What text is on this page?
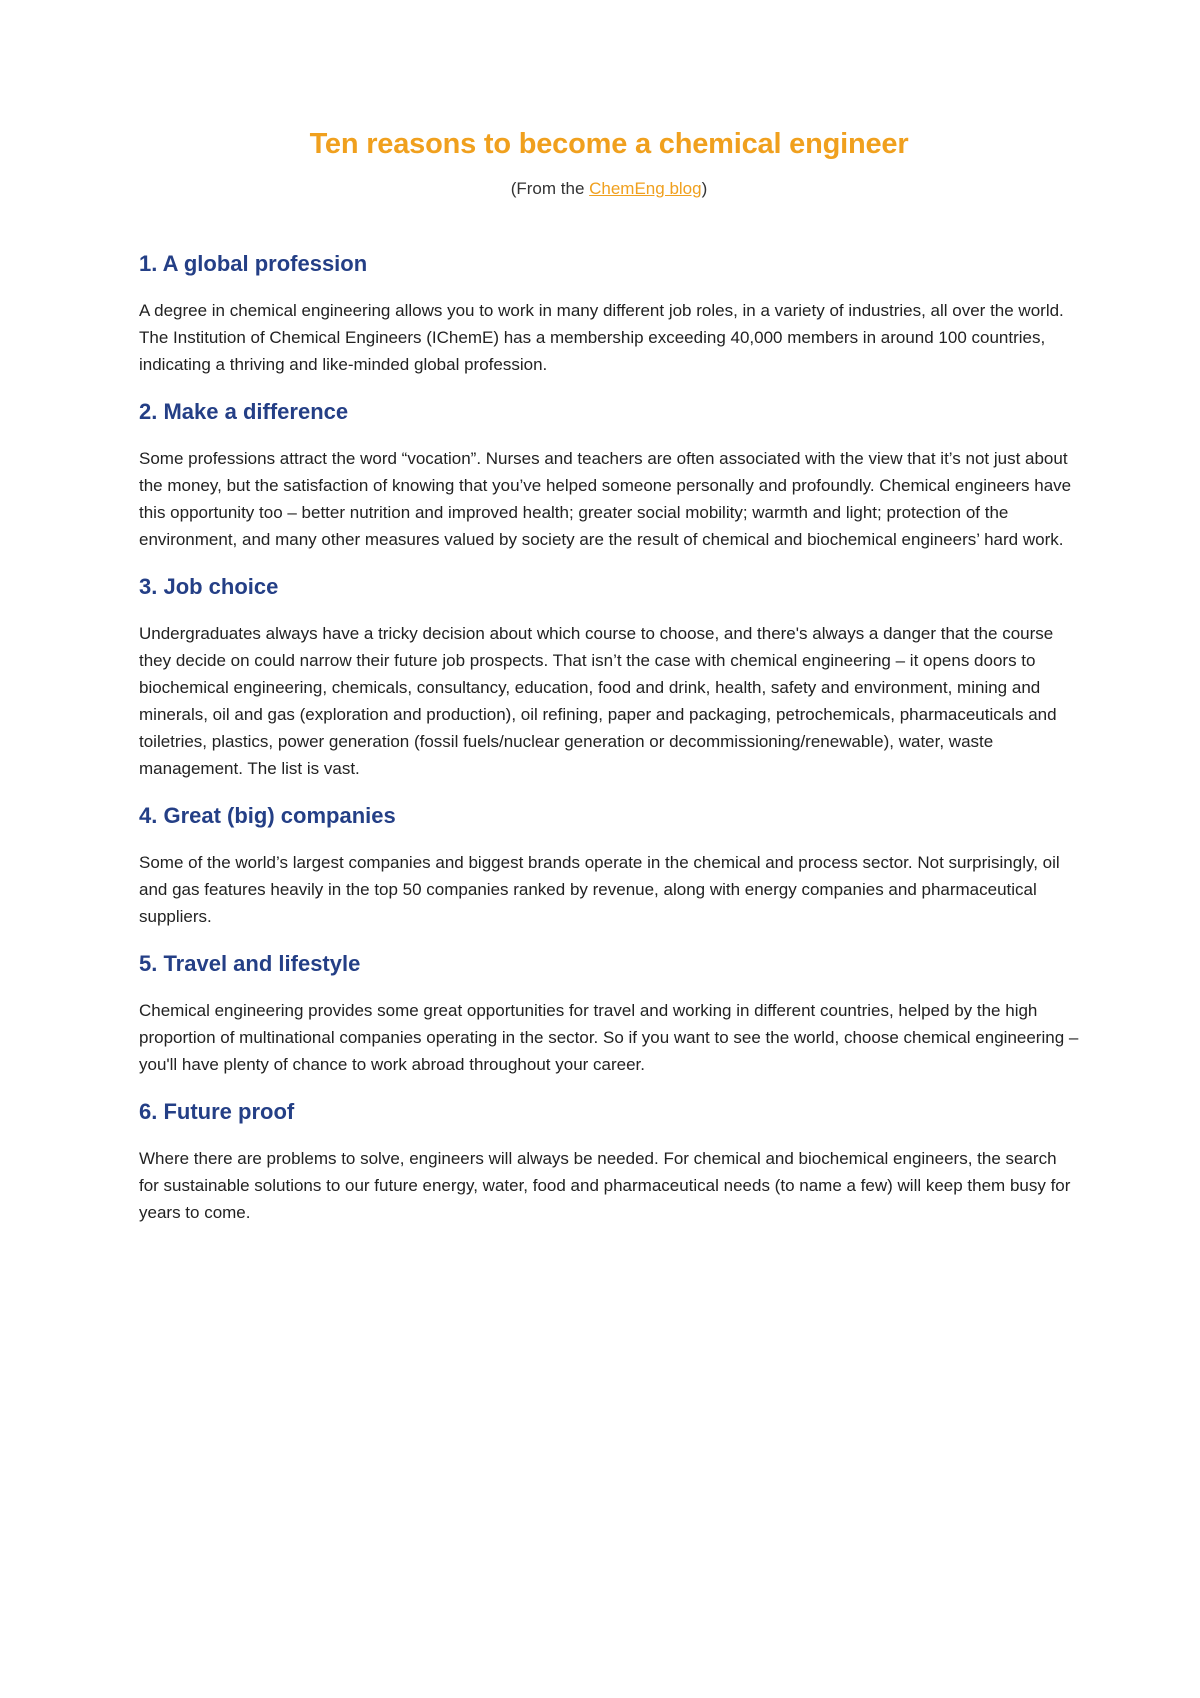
Ten reasons to become a chemical engineer

(From the ChemEng blog)

1. A global profession

A degree in chemical engineering allows you to work in many different job roles, in a variety of industries, all over the world. The Institution of Chemical Engineers (IChemE) has a membership exceeding 40,000 members in around 100 countries, indicating a thriving and like-minded global profession.

2. Make a difference

Some professions attract the word “vocation”. Nurses and teachers are often associated with the view that it’s not just about the money, but the satisfaction of knowing that you’ve helped someone personally and profoundly. Chemical engineers have this opportunity too – better nutrition and improved health; greater social mobility; warmth and light; protection of the environment, and many other measures valued by society are the result of chemical and biochemical engineers’ hard work.

3. Job choice

Undergraduates always have a tricky decision about which course to choose, and there's always a danger that the course they decide on could narrow their future job prospects. That isn’t the case with chemical engineering – it opens doors to biochemical engineering, chemicals, consultancy, education, food and drink, health, safety and environment, mining and minerals, oil and gas (exploration and production), oil refining, paper and packaging, petrochemicals, pharmaceuticals and toiletries, plastics, power generation (fossil fuels/nuclear generation or decommissioning/renewable), water, waste management. The list is vast.

4. Great (big) companies

Some of the world’s largest companies and biggest brands operate in the chemical and process sector. Not surprisingly, oil and gas features heavily in the top 50 companies ranked by revenue, along with energy companies and pharmaceutical suppliers.

5. Travel and lifestyle

Chemical engineering provides some great opportunities for travel and working in different countries, helped by the high proportion of multinational companies operating in the sector. So if you want to see the world, choose chemical engineering – you'll have plenty of chance to work abroad throughout your career.

6. Future proof

Where there are problems to solve, engineers will always be needed. For chemical and biochemical engineers, the search for sustainable solutions to our future energy, water, food and pharmaceutical needs (to name a few) will keep them busy for years to come.
